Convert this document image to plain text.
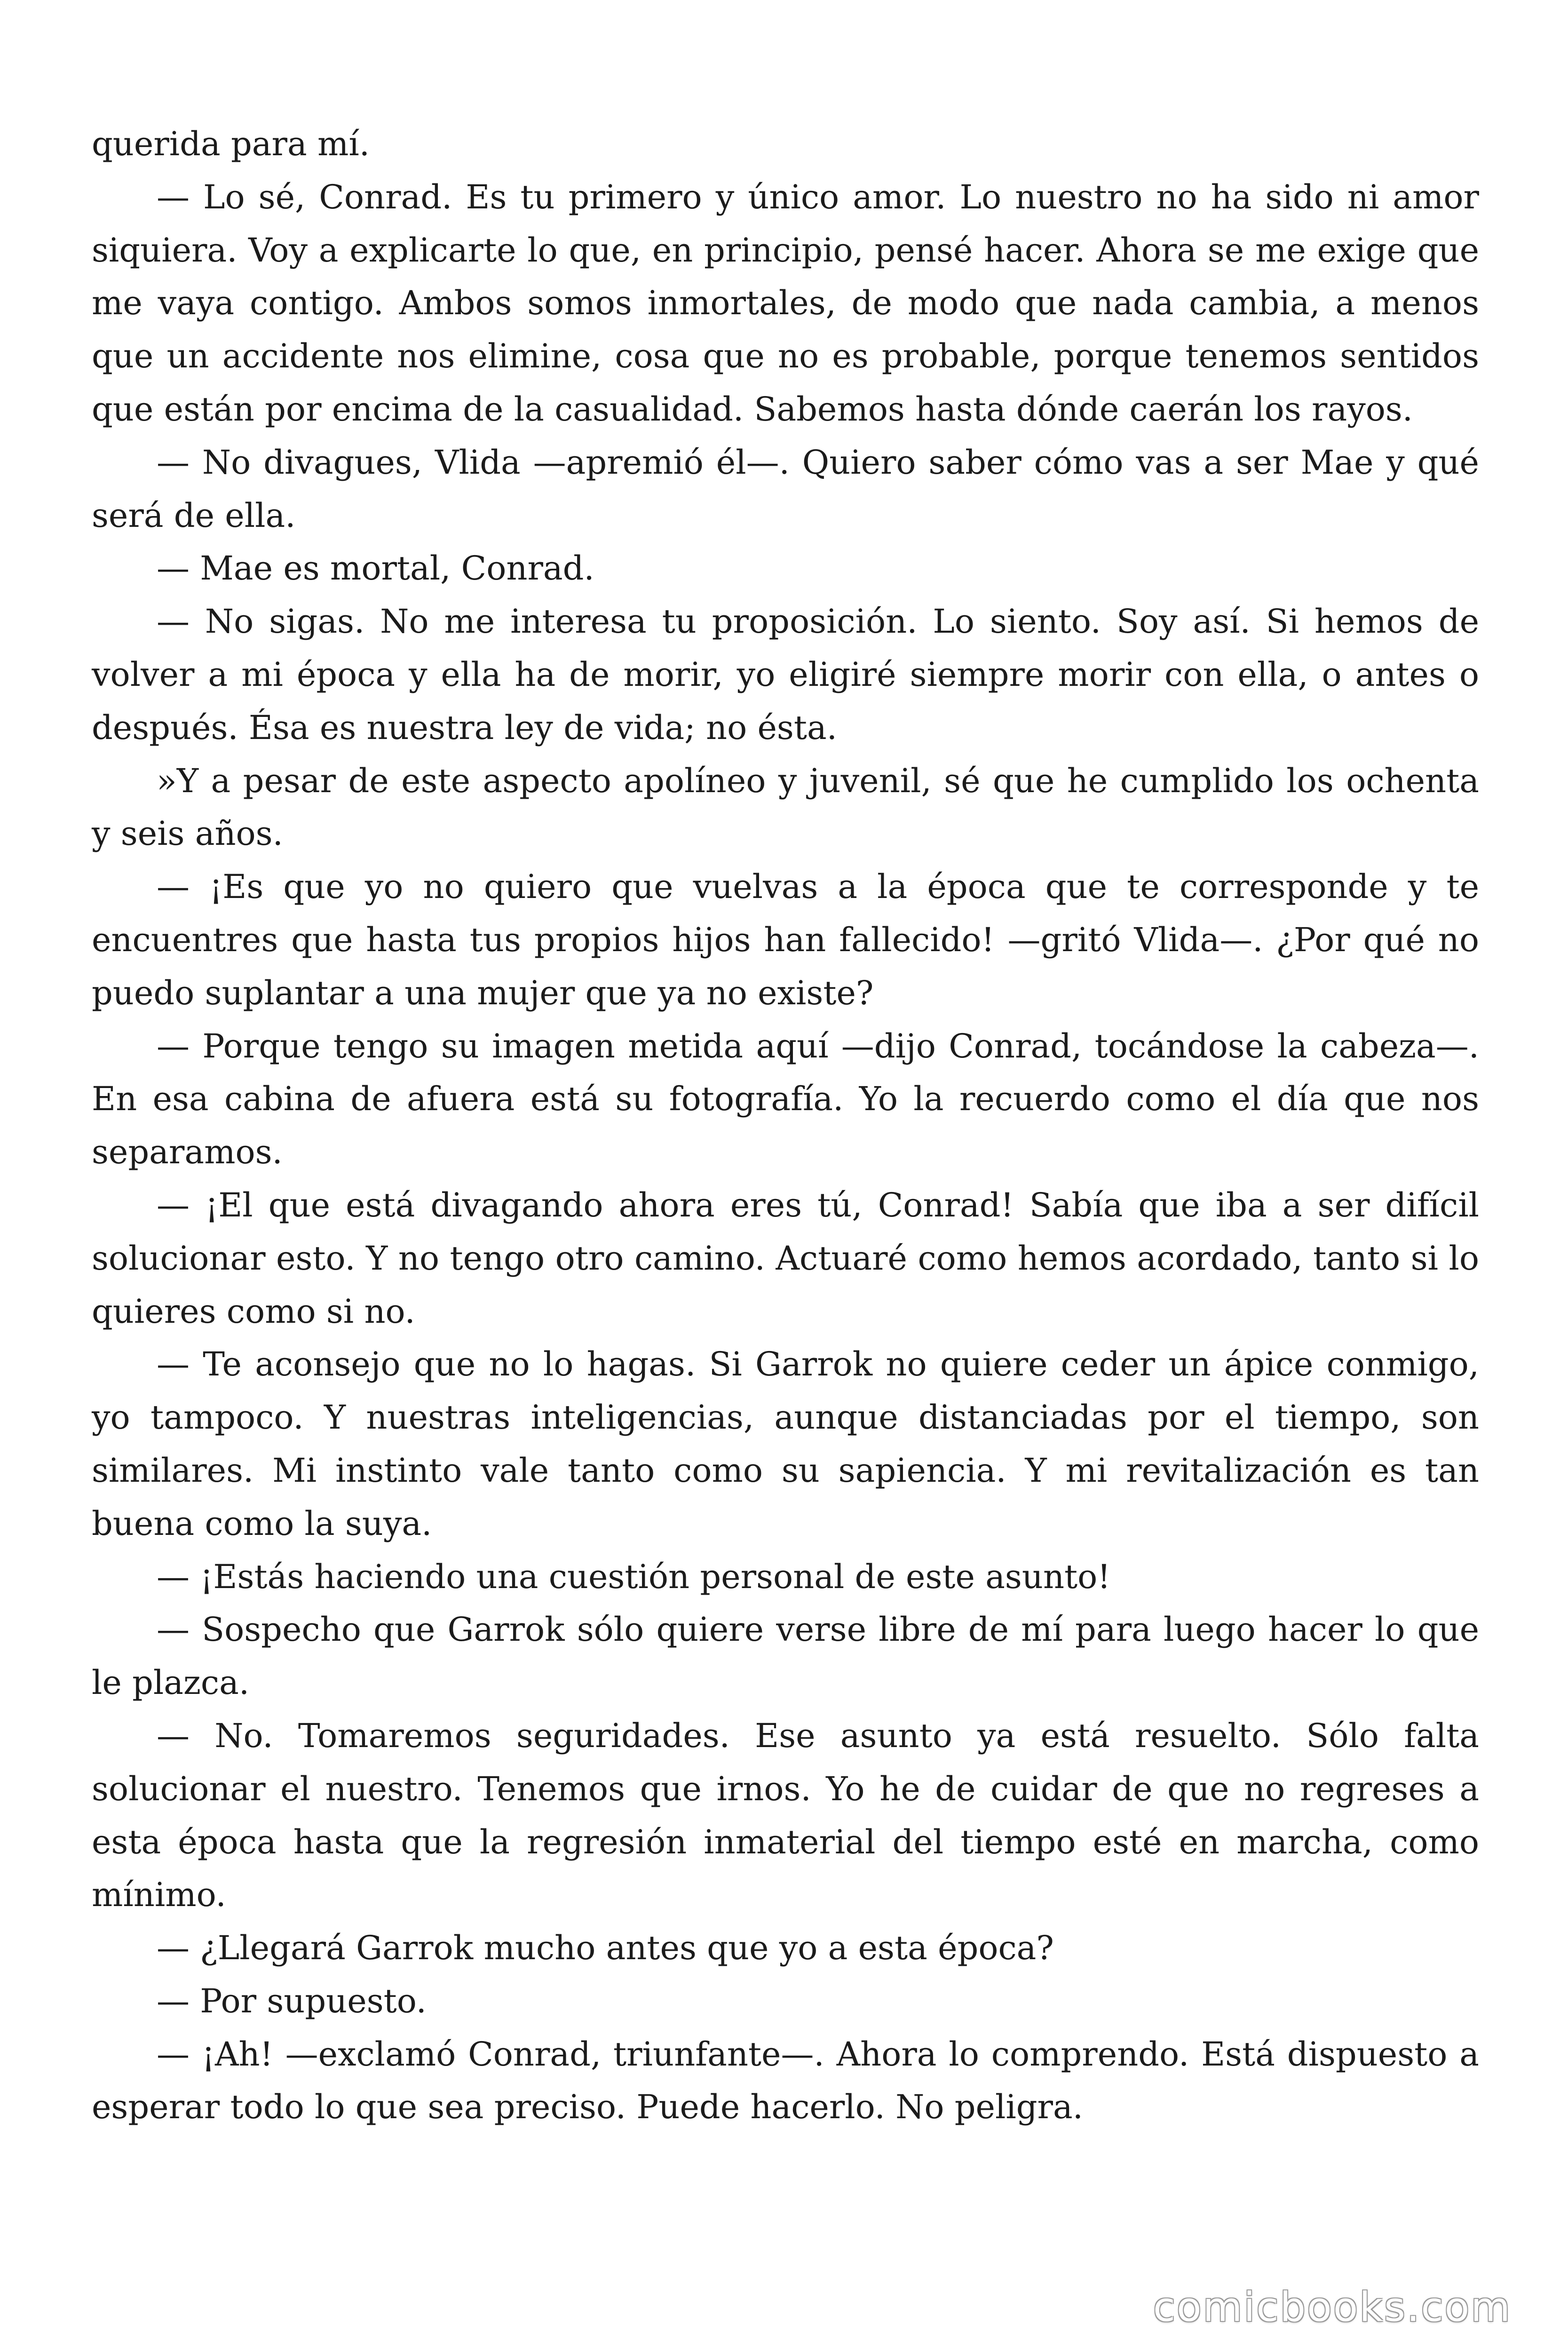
querida para mí.

— Lo sé, Conrad. Es tu primero y único amor. Lo nuestro no ha sido ni amor siquiera. Voy a explicarte lo que, en principio, pensé hacer. Ahora se me exige que me vaya contigo. Ambos somos inmortales, de modo que nada cambia, a menos que un accidente nos elimine, cosa que no es probable, porque tenemos sentidos que están por encima de la casualidad. Sabemos hasta dónde caerán los rayos.

— No divagues, Vlida —apremió él—. Quiero saber cómo vas a ser Mae y qué será de ella.

— Mae es mortal, Conrad.

— No sigas. No me interesa tu proposición. Lo siento. Soy así. Si hemos de volver a mi época y ella ha de morir, yo eligiré siempre morir con ella, o antes o después. Ésa es nuestra ley de vida; no ésta.

»Y a pesar de este aspecto apolíneo y juvenil, sé que he cumplido los ochenta y seis años.

— ¡Es que yo no quiero que vuelvas a la época que te corresponde y te encuentres que hasta tus propios hijos han fallecido! —gritó Vlida—. ¿Por qué no puedo suplantar a una mujer que ya no existe?

— Porque tengo su imagen metida aquí —dijo Conrad, tocándose la cabeza—. En esa cabina de afuera está su fotografía. Yo la recuerdo como el día que nos separamos.

— ¡El que está divagando ahora eres tú, Conrad! Sabía que iba a ser difícil solucionar esto. Y no tengo otro camino. Actuaré como hemos acordado, tanto si lo quieres como si no.

— Te aconsejo que no lo hagas. Si Garrok no quiere ceder un ápice conmigo, yo tampoco. Y nuestras inteligencias, aunque distanciadas por el tiempo, son similares. Mi instinto vale tanto como su sapiencia. Y mi revitalización es tan buena como la suya.

— ¡Estás haciendo una cuestión personal de este asunto!

— Sospecho que Garrok sólo quiere verse libre de mí para luego hacer lo que le plazca.

— No. Tomaremos seguridades. Ese asunto ya está resuelto. Sólo falta solucionar el nuestro. Tenemos que irnos. Yo he de cuidar de que no regreses a esta época hasta que la regresión inmaterial del tiempo esté en marcha, como mínimo.

— ¿Llegará Garrok mucho antes que yo a esta época?

— Por supuesto.

— ¡Ah! —exclamó Conrad, triunfante—. Ahora lo comprendo. Está dispuesto a esperar todo lo que sea preciso. Puede hacerlo. No peligra.

comicbooks.com
